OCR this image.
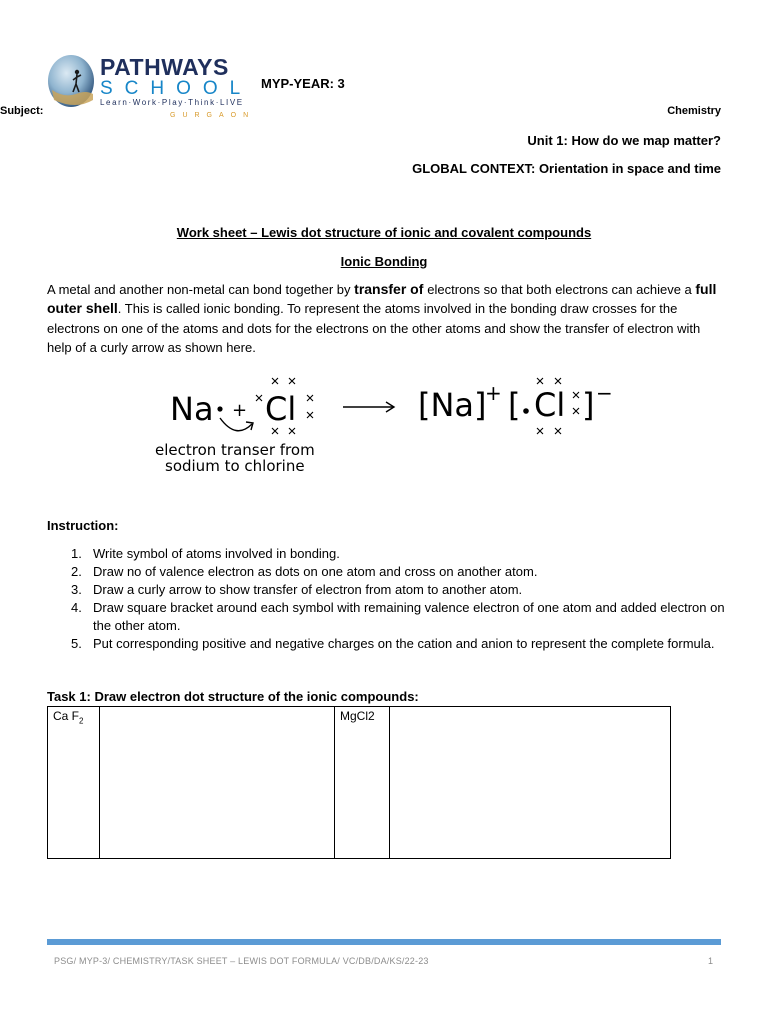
PATHWAYS
SCHOOL
Learn·Work·Play·Think·LIVE
GURGAON
MYP-YEAR: 3
Subject:	Chemistry
Unit 1: How do we map matter?
GLOBAL CONTEXT: Orientation in space and time
Work sheet – Lewis dot structure of ionic and covalent compounds
Ionic Bonding
A metal and another non-metal can bond together by transfer of electrons so that both electrons can achieve a full outer shell. This is called ionic bonding. To represent the atoms involved in the bonding draw crosses for the electrons on one of the atoms and dots for the electrons on the other atoms and show the transfer of electron with help of a curly arrow as shown here.
Na + Cl
electron transer from
sodium to chlorine
[Na]
+ [ Cl ] −
Instruction:
1. Write symbol of atoms involved in bonding.
2. Draw no of valence electron as dots on one atom and cross on another atom.
3. Draw a curly arrow to show transfer of electron from atom to another atom.
4. Draw square bracket around each symbol with remaining valence electron of one atom and added electron on the other atom.
5. Put corresponding positive and negative charges on the cation and anion to represent the complete formula.
Task 1: Draw electron dot structure of the ionic compounds:
Ca $F_2$		MgCl2	
PSG/ MYP-3/ CHEMISTRY/TASK SHEET – LEWIS DOT FORMULA/ VC/DB/DA/KS/22-23	1
